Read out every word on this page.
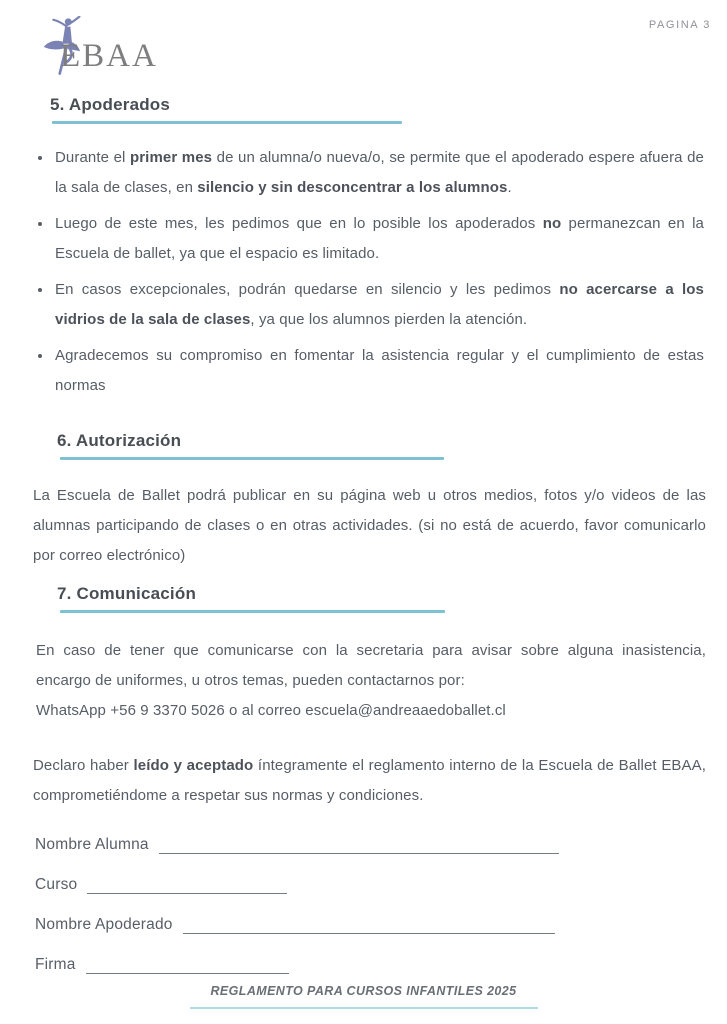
EBAA
PAGINA 3
5. Apoderados
Durante el primer mes de un alumna/o nueva/o, se permite que el apoderado espere afuera de la sala de clases, en silencio y sin desconcentrar a los alumnos.
Luego de este mes, les pedimos que en lo posible los apoderados no permanezcan en la Escuela de ballet, ya que el espacio es limitado.
En casos excepcionales, podrán quedarse en silencio y les pedimos no acercarse a los vidrios de la sala de clases, ya que los alumnos pierden la atención.
Agradecemos su compromiso en fomentar la asistencia regular y el cumplimiento de estas normas
6. Autorización
La Escuela de Ballet podrá publicar en su página web u otros medios, fotos y/o videos de las alumnas participando de clases o en otras actividades. (si no está de acuerdo, favor comunicarlo por correo electrónico)
7. Comunicación
En caso de tener que comunicarse con la secretaria para avisar sobre alguna inasistencia, encargo de uniformes, u otros temas, pueden contactarnos por:
WhatsApp +56 9 3370 5026 o al correo escuela@andreaaedoballet.cl
Declaro haber leído y aceptado íntegramente el reglamento interno de la Escuela de Ballet EBAA, comprometiéndome a respetar sus normas y condiciones.
Nombre Alumna
Curso
Nombre Apoderado
Firma
REGLAMENTO PARA CURSOS INFANTILES 2025
